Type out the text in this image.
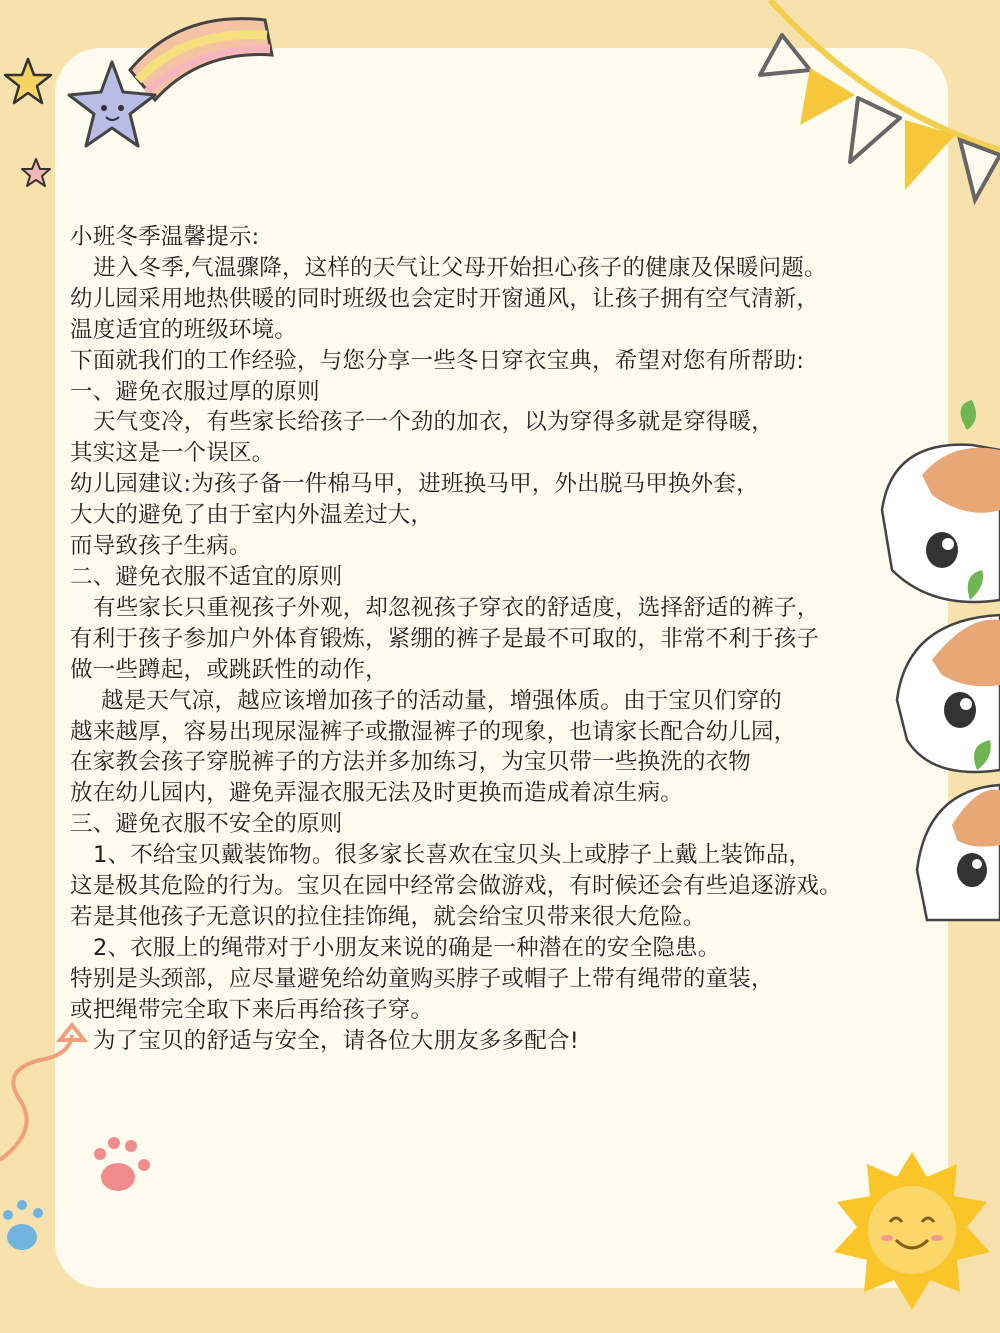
小班冬季温馨提示:
进入冬季,气温骤降，这样的天气让父母开始担心孩子的健康及保暖问题。
幼儿园采用地热供暖的同时班级也会定时开窗通风，让孩子拥有空气清新，
温度适宜的班级环境。
下面就我们的工作经验，与您分享一些冬日穿衣宝典，希望对您有所帮助:
一、避免衣服过厚的原则
天气变冷，有些家长给孩子一个劲的加衣，以为穿得多就是穿得暖，
其实这是一个误区。
幼儿园建议:为孩子备一件棉马甲，进班换马甲，外出脱马甲换外套，
大大的避免了由于室内外温差过大，
而导致孩子生病。
二、避免衣服不适宜的原则
有些家长只重视孩子外观，却忽视孩子穿衣的舒适度，选择舒适的裤子，
有利于孩子参加户外体育锻炼，紧绷的裤子是最不可取的，非常不利于孩子
做一些蹲起，或跳跃性的动作，
越是天气凉，越应该增加孩子的活动量，增强体质。由于宝贝们穿的
越来越厚，容易出现尿湿裤子或撒湿裤子的现象，也请家长配合幼儿园，
在家教会孩子穿脱裤子的方法并多加练习，为宝贝带一些换洗的衣物
放在幼儿园内，避免弄湿衣服无法及时更换而造成着凉生病。
三、避免衣服不安全的原则
1、不给宝贝戴装饰物。很多家长喜欢在宝贝头上或脖子上戴上装饰品，
这是极其危险的行为。宝贝在园中经常会做游戏，有时候还会有些追逐游戏。
若是其他孩子无意识的拉住挂饰绳，就会给宝贝带来很大危险。
2、衣服上的绳带对于小朋友来说的确是一种潜在的安全隐患。
特别是头颈部，应尽量避免给幼童购买脖子或帽子上带有绳带的童装，
或把绳带完全取下来后再给孩子穿。
为了宝贝的舒适与安全，请各位大朋友多多配合!
